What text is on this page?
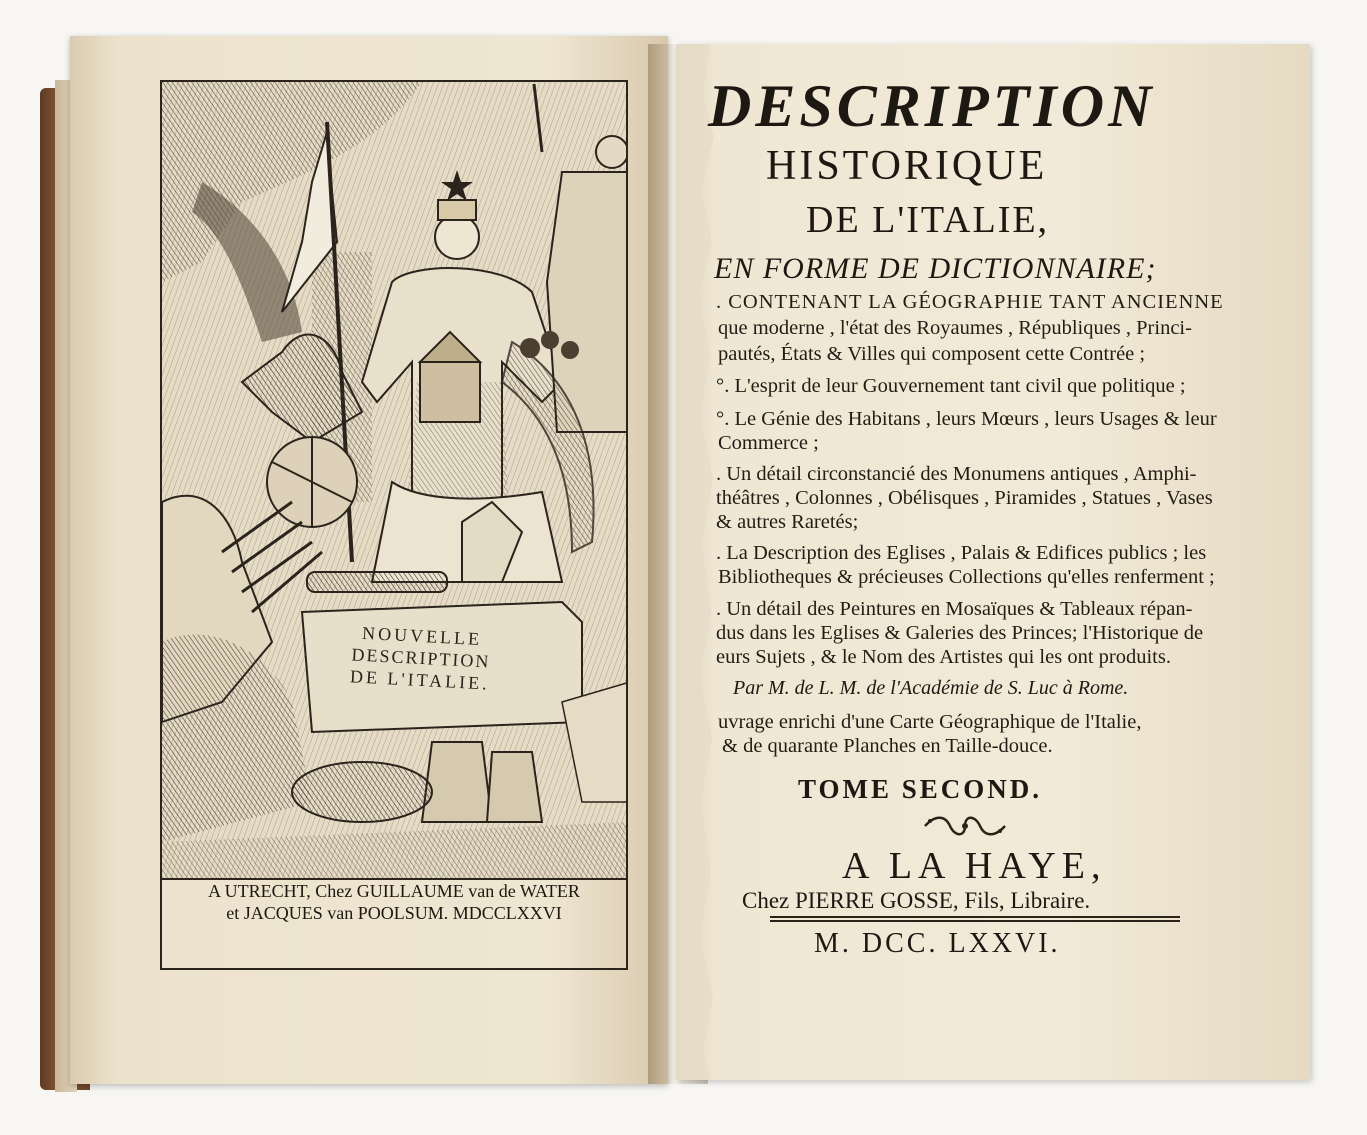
NOUVELLE

DESCRIPTION
DE L'ITALIE.
A UTRECHT, Chez GUILLAUME van de WATER
et JACQUES van POOLSUM. MDCCLXXVI
DESCRIPTION
HISTORIQUE
DE L'ITALIE,
EN FORME DE DICTIONNAIRE;
. CONTENANT LA GÉOGRAPHIE TANT ANCIENNE
que moderne , l'état des Royaumes , Républiques , Princi-
pautés, États & Villes qui composent cette Contrée ;
°. L'esprit de leur Gouvernement tant civil que politique ;
°. Le Génie des Habitans , leurs Mœurs , leurs Usages & leur
Commerce ;
. Un détail circonstancié des Monumens antiques , Amphi-
théâtres , Colonnes , Obélisques , Piramides , Statues , Vases
& autres Raretés;
. La Description des Eglises , Palais & Edifices publics ; les
Bibliotheques & précieuses Collections qu'elles renferment ;
. Un détail des Peintures en Mosaïques & Tableaux répan-
dus dans les Eglises & Galeries des Princes; l'Historique de
eurs Sujets , & le Nom des Artistes qui les ont produits.
Par M. de L. M. de l'Académie de S. Luc à Rome.
uvrage enrichi d'une Carte Géographique de l'Italie,
& de quarante Planches en Taille-douce.
TOME SECOND.
A LA HAYE,
Chez PIERRE GOSSE, Fils, Libraire.
M. DCC. LXXVI.
